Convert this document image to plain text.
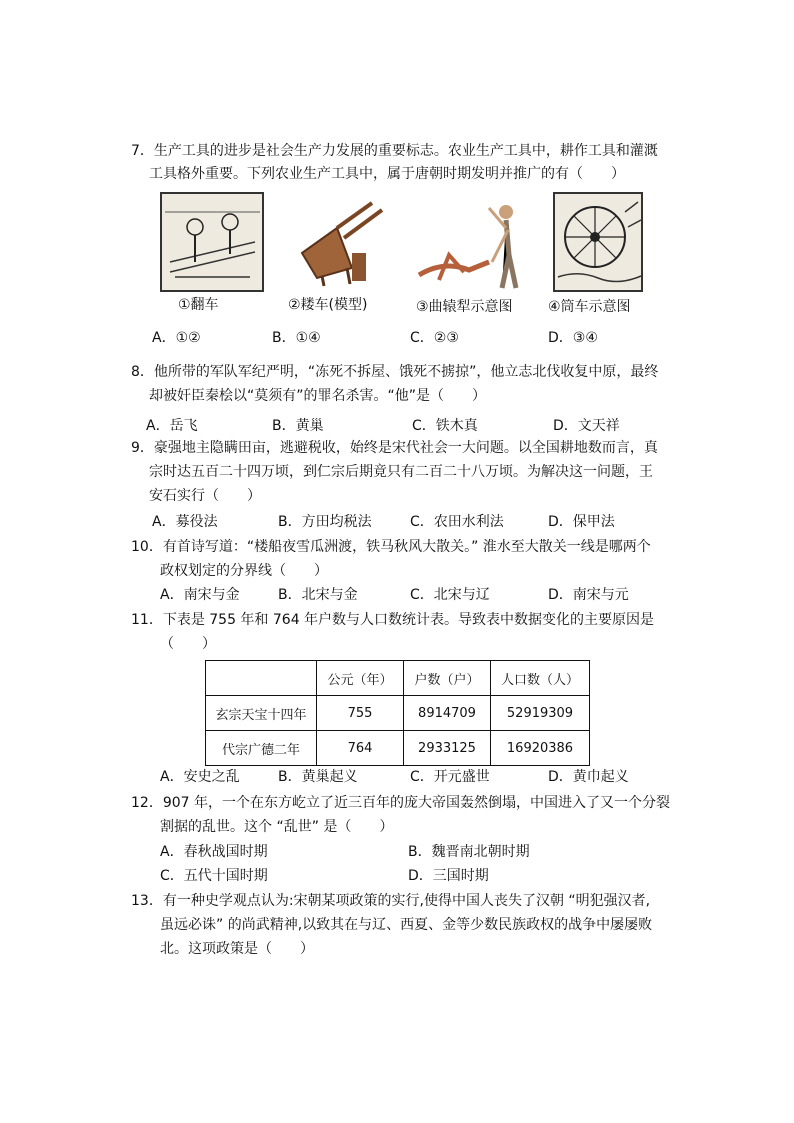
7．生产工具的进步是社会生产力发展的重要标志。农业生产工具中，耕作工具和灌溉
工具格外重要。下列农业生产工具中，属于唐朝时期发明并推广的有（　　）
①翻车	②耧车(模型)	③曲辕犁示意图	④筒车示意图
A．①②	B．①④	C．②③	D．③④
8．他所带的军队军纪严明，“冻死不拆屋、饿死不掳掠”，他立志北伐收复中原，最终
却被奸臣秦桧以“莫须有”的罪名杀害。“他”是（　　）
A．岳飞	B．黄巢	C．铁木真	D．文天祥
9．豪强地主隐瞒田亩，逃避税收，始终是宋代社会一大问题。以全国耕地数而言，真
宗时达五百二十四万顷，到仁宗后期竟只有二百二十八万顷。为解决这一问题，王
安石实行（　　）
A．募役法	B．方田均税法	C．农田水利法	D．保甲法
10．有首诗写道：“楼船夜雪瓜洲渡，铁马秋风大散关。” 淮水至大散关一线是哪两个
政权划定的分界线（　　）
A．南宋与金	B．北宋与金	C．北宋与辽	D．南宋与元
11．下表是 755 年和 764 年户数与人口数统计表。导致表中数据变化的主要原因是
（　　）
	公元（年）	户数（户）	人口数（人）
玄宗天宝十四年	755	8914709	52919309
代宗广德二年	764	2933125	16920386
A．安史之乱	B．黄巢起义	C．开元盛世	D．黄巾起义
12．907 年，一个在东方屹立了近三百年的庞大帝国轰然倒塌，中国进入了又一个分裂
割据的乱世。这个 “乱世” 是（　　）
A．春秋战国时期	B．魏晋南北朝时期
C．五代十国时期	D．三国时期
13．有一种史学观点认为:宋朝某项政策的实行,使得中国人丧失了汉朝 “明犯强汉者,
虽远必诛” 的尚武精神,以致其在与辽、西夏、金等少数民族政权的战争中屡屡败
北。这项政策是（　　）
